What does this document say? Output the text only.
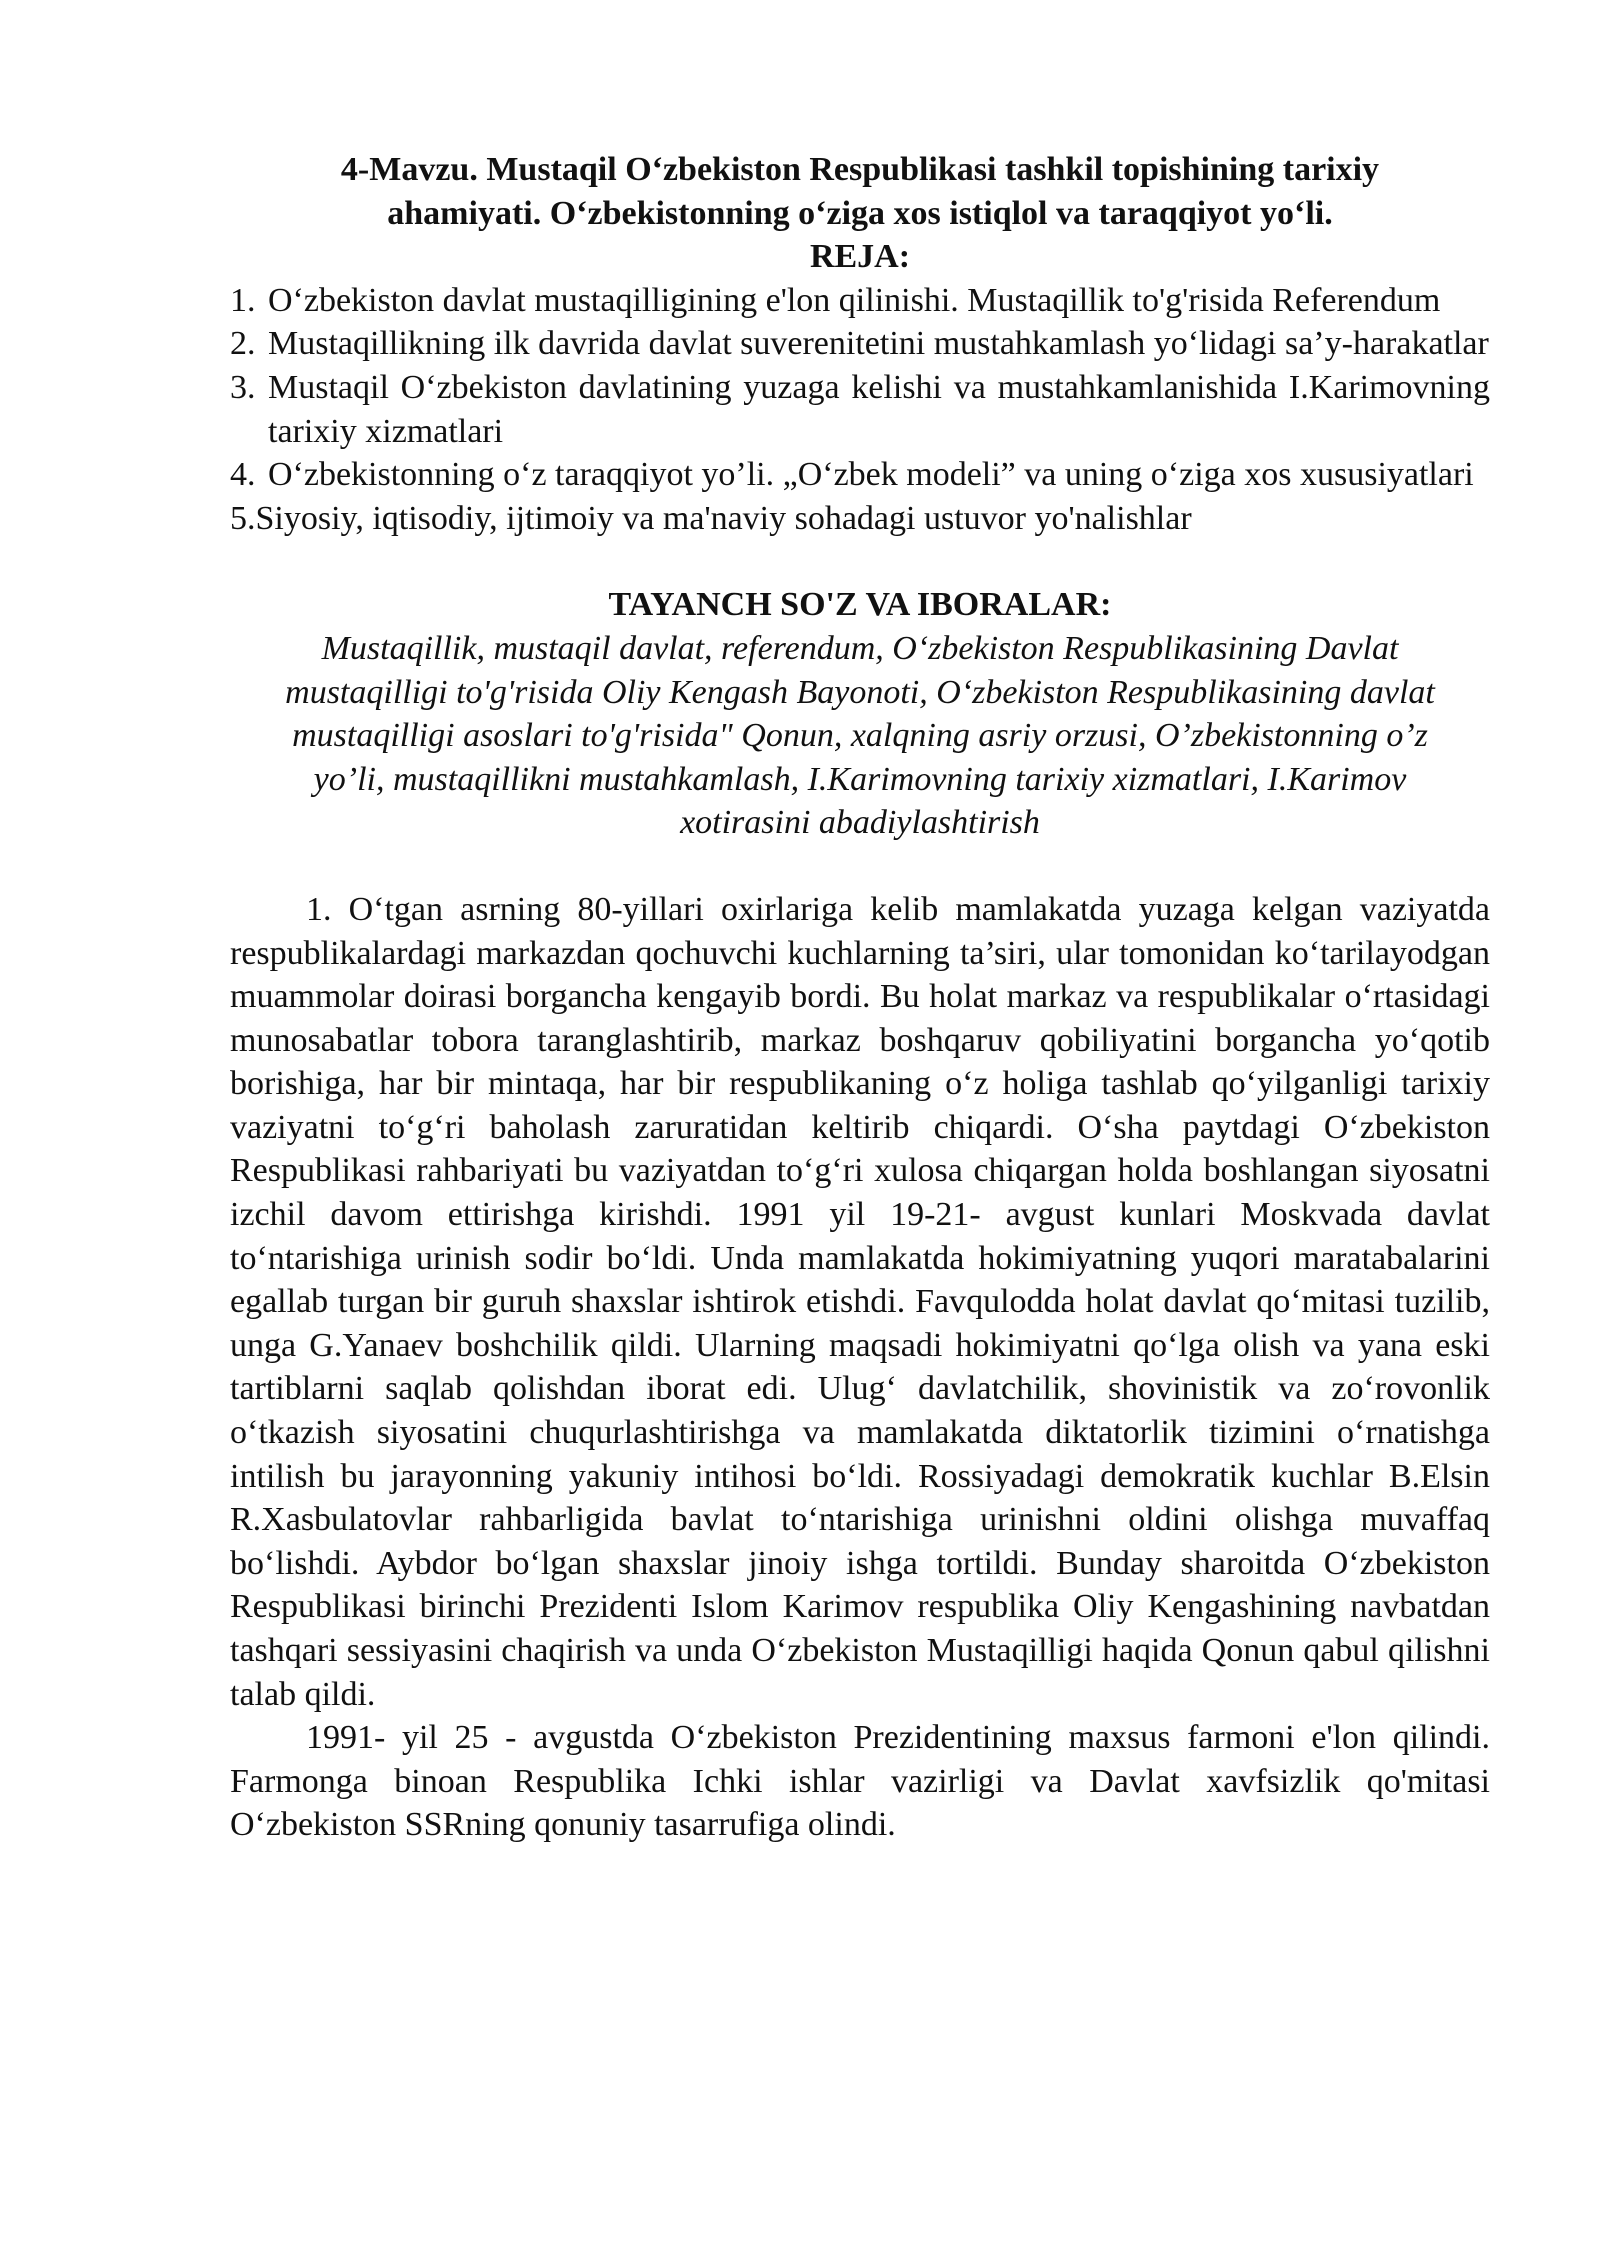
4-Mavzu. Mustaqil O‘zbekiston Respublikasi tashkil topishining tarixiy ahamiyati. O‘zbekistonning o‘ziga xos istiqlol va taraqqiyot yo‘li.

REJA:

1. O‘zbekiston davlat mustaqilligining e'lon qilinishi. Mustaqillik to'g'risida Referendum
2. Mustaqillikning ilk davrida davlat suverenitetini mustahkamlash yo‘lidagi sa’y-harakatlar
3. Mustaqil O‘zbekiston davlatining yuzaga kelishi va mustahkamlanishida I.Karimovning tarixiy xizmatlari
4. O‘zbekistonning o‘z taraqqiyot yo’li. „O‘zbek modeli” va uning o‘ziga xos xususiyatlari
5.Siyosiy, iqtisodiy, ijtimoiy va ma'naviy sohadagi ustuvor yo'nalishlar

TAYANCH SO'Z VA IBORALAR:

Mustaqillik, mustaqil davlat, referendum, O‘zbekiston Respublikasining Davlat mustaqilligi to'g'risida Oliy Kengash Bayonoti, O‘zbekiston Respublikasining davlat mustaqilligi asoslari to'g'risida" Qonun, xalqning asriy orzusi, O’zbekistonning o’z yo’li, mustaqillikni mustahkamlash, I.Karimovning tarixiy xizmatlari, I.Karimov xotirasini abadiylashtirish

1. O‘tgan asrning 80-yillari oxirlariga kelib mamlakatda yuzaga kelgan vaziyatda respublikalardagi markazdan qochuvchi kuchlarning ta’siri, ular tomonidan ko‘tarilayodgan muammolar doirasi borgancha kengayib bordi. Bu holat markaz va respublikalar o‘rtasidagi munosabatlar tobora taranglashtirib, markaz boshqaruv qobiliyatini borgancha yo‘qotib borishiga, har bir mintaqa, har bir respublikaning o‘z holiga tashlab qo‘yilganligi tarixiy vaziyatni to‘g‘ri baholash zaruratidan keltirib chiqardi. O‘sha paytdagi O‘zbekiston Respublikasi rahbariyati bu vaziyatdan to‘g‘ri xulosa chiqargan holda boshlangan siyosatni izchil davom ettirishga kirishdi. 1991 yil 19-21- avgust kunlari Moskvada davlat to‘ntarishiga urinish sodir bo‘ldi. Unda mamlakatda hokimiyatning yuqori maratabalarini egallab turgan bir guruh shaxslar ishtirok etishdi. Favqulodda holat davlat qo‘mitasi tuzilib, unga G.Yanaev boshchilik qildi. Ularning maqsadi hokimiyatni qo‘lga olish va yana eski tartiblarni saqlab qolishdan iborat edi. Ulug‘ davlatchilik, shovinistik va zo‘rovonlik o‘tkazish siyosatini chuqurlashtirishga va mamlakatda diktatorlik tizimini o‘rnatishga intilish bu jarayonning yakuniy intihosi bo‘ldi. Rossiyadagi demokratik kuchlar B.Elsin R.Xasbulatovlar rahbarligida bavlat to‘ntarishiga urinishni oldini olishga muvaffaq bo‘lishdi. Aybdor bo‘lgan shaxslar jinoiy ishga tortildi. Bunday sharoitda O‘zbekiston Respublikasi birinchi Prezidenti Islom Karimov respublika Oliy Kengashining navbatdan tashqari sessiyasini chaqirish va unda O‘zbekiston Mustaqilligi haqida Qonun qabul qilishni talab qildi.

1991- yil 25 - avgustda O‘zbekiston Prezidentining maxsus farmoni e'lon qilindi. Farmonga binoan Respublika Ichki ishlar vazirligi va Davlat xavfsizlik qo'mitasi O‘zbekiston SSRning qonuniy tasarrufiga olindi.
